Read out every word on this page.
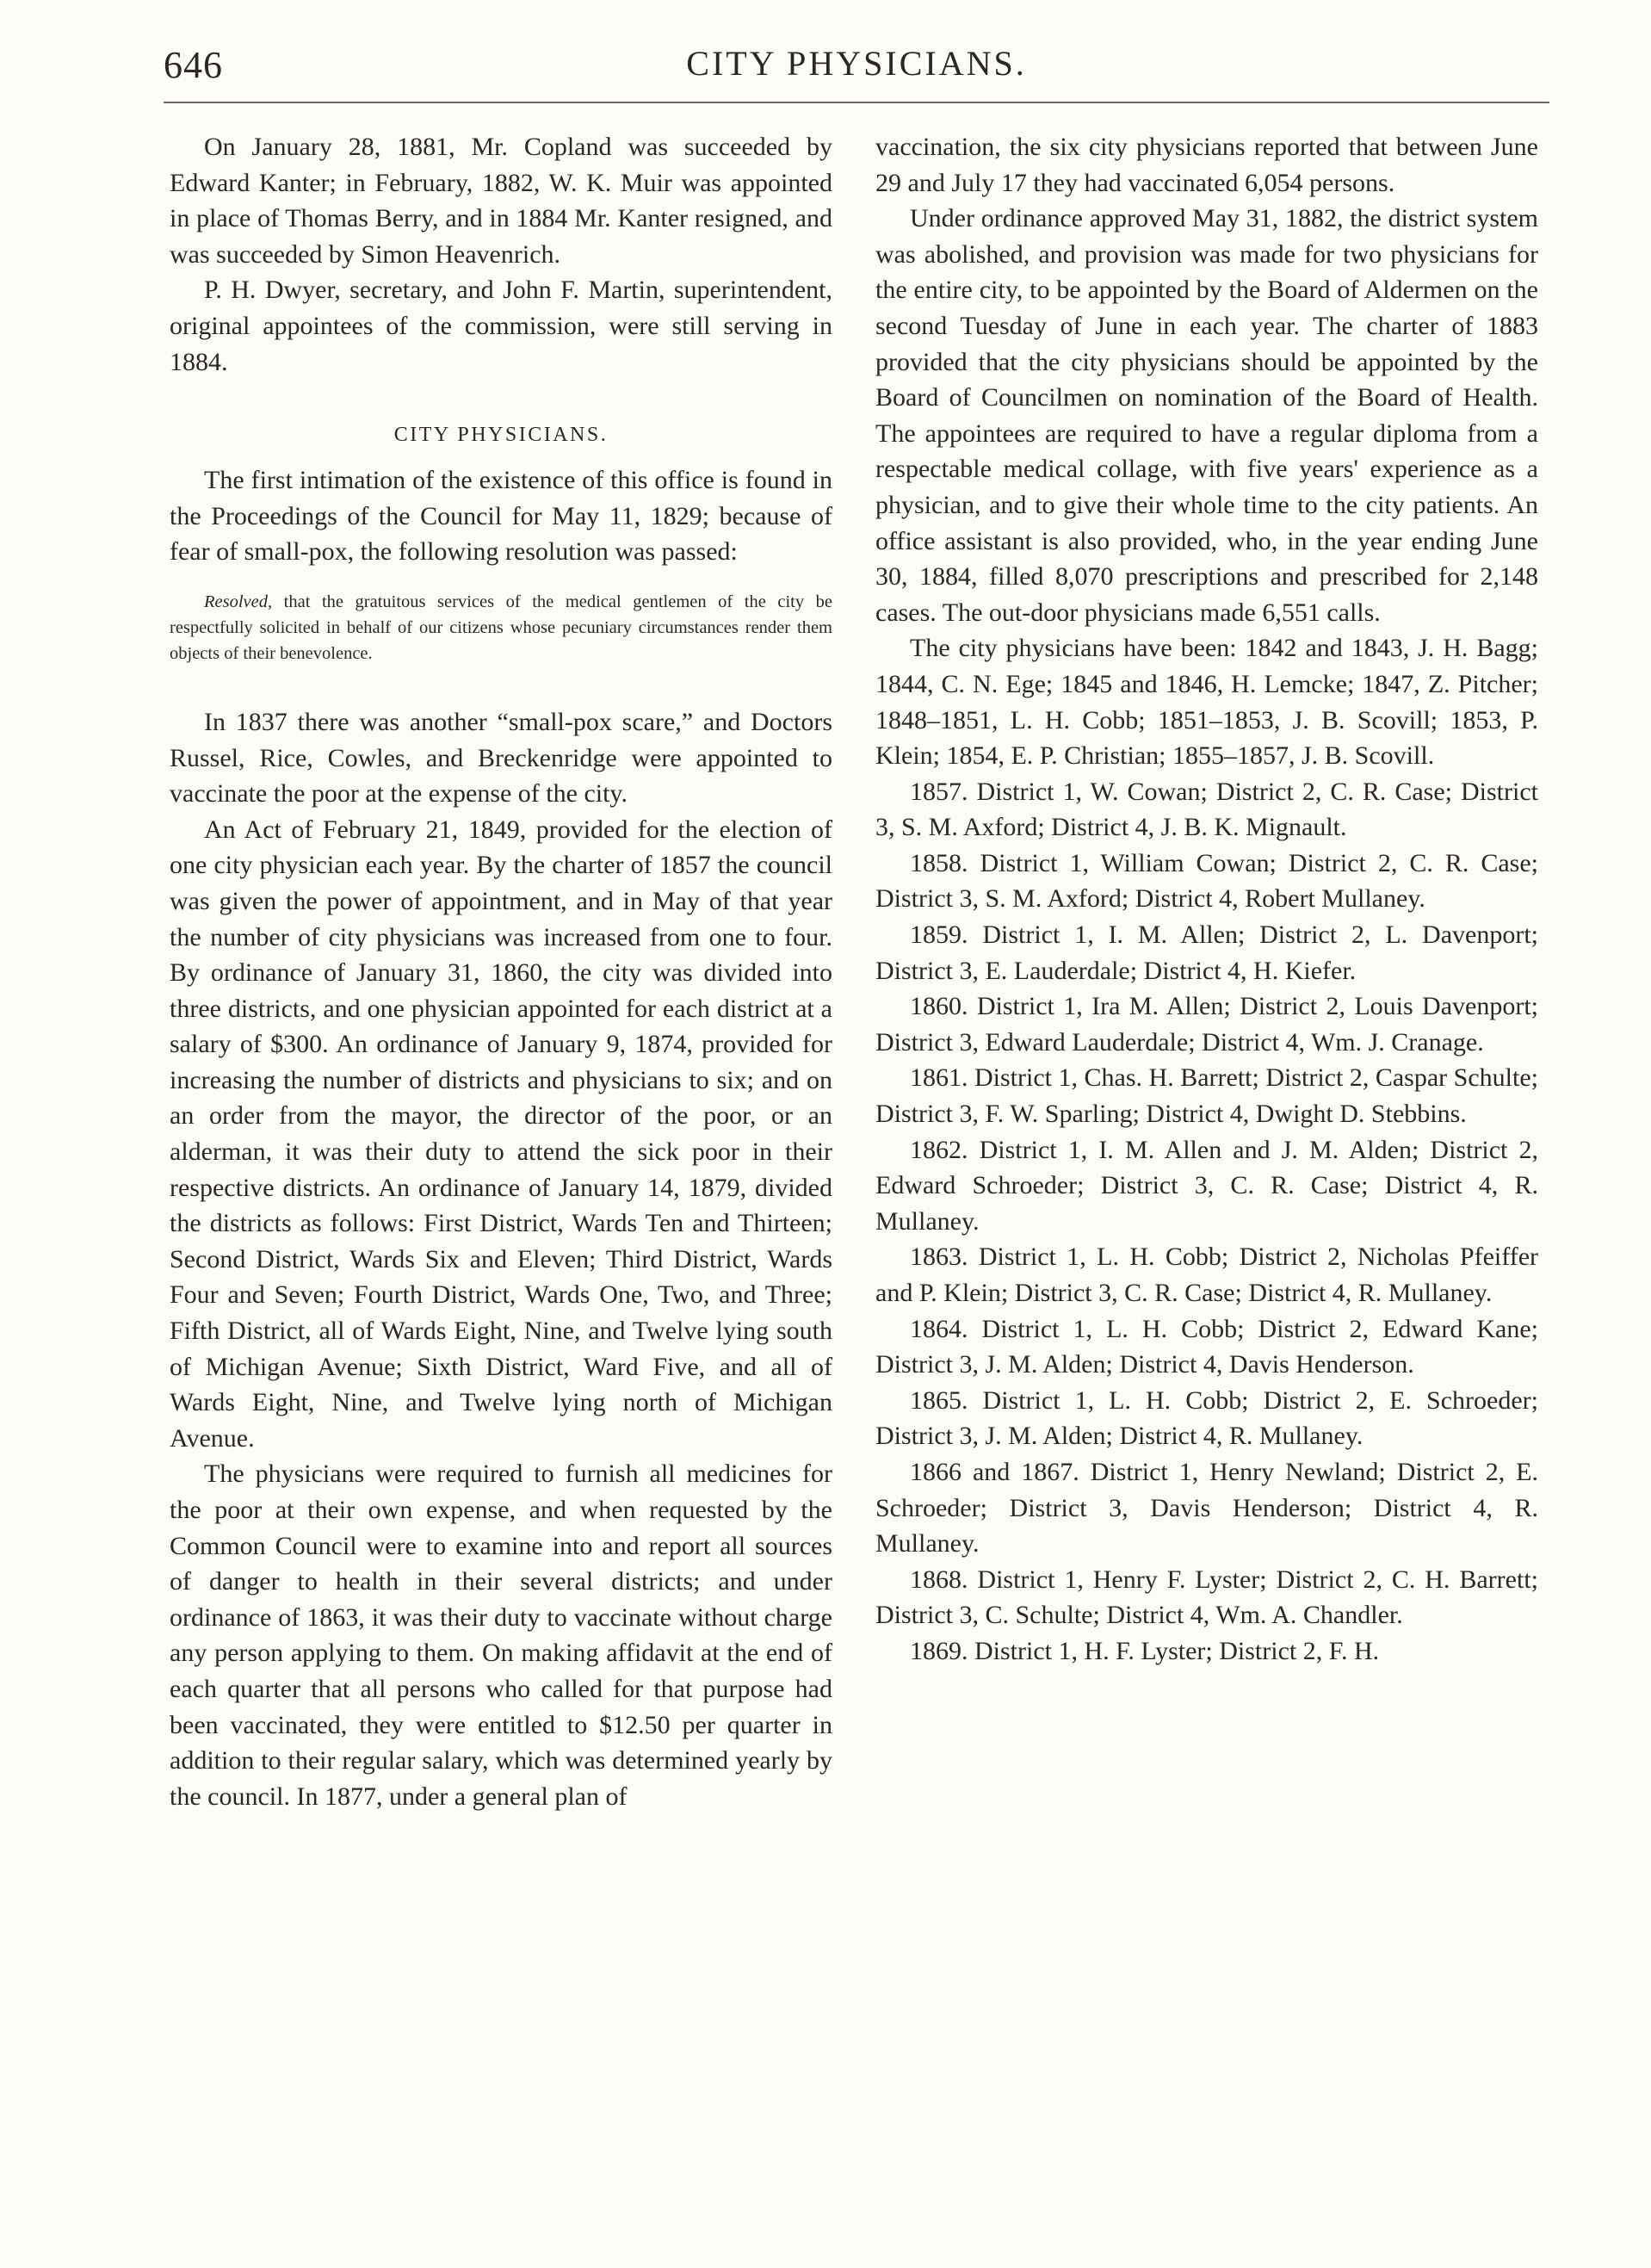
646	CITY PHYSICIANS.

On January 28, 1881, Mr. Copland was succeeded by Edward Kanter; in February, 1882, W. K. Muir was appointed in place of Thomas Berry, and in 1884 Mr. Kanter resigned, and was succeeded by Simon Heavenrich.

P. H. Dwyer, secretary, and John F. Martin, superintendent, original appointees of the commission, were still serving in 1884.

CITY PHYSICIANS.

The first intimation of the existence of this office is found in the Proceedings of the Council for May 11, 1829; because of fear of small-pox, the following resolution was passed:

Resolved, that the gratuitous services of the medical gentlemen of the city be respectfully solicited in behalf of our citizens whose pecuniary circumstances render them objects of their benevolence.

In 1837 there was another “small-pox scare,” and Doctors Russel, Rice, Cowles, and Breckenridge were appointed to vaccinate the poor at the expense of the city.

An Act of February 21, 1849, provided for the election of one city physician each year. By the charter of 1857 the council was given the power of appointment, and in May of that year the number of city physicians was increased from one to four. By ordinance of January 31, 1860, the city was divided into three districts, and one physician appointed for each district at a salary of $300. An ordinance of January 9, 1874, provided for increasing the number of districts and physicians to six; and on an order from the mayor, the director of the poor, or an alderman, it was their duty to attend the sick poor in their respective districts. An ordinance of January 14, 1879, divided the districts as follows: First District, Wards Ten and Thirteen; Second District, Wards Six and Eleven; Third District, Wards Four and Seven; Fourth District, Wards One, Two, and Three; Fifth District, all of Wards Eight, Nine, and Twelve lying south of Michigan Avenue; Sixth District, Ward Five, and all of Wards Eight, Nine, and Twelve lying north of Michigan Avenue.

The physicians were required to furnish all medicines for the poor at their own expense, and when requested by the Common Council were to examine into and report all sources of danger to health in their several districts; and under ordinance of 1863, it was their duty to vaccinate without charge any person applying to them. On making affidavit at the end of each quarter that all persons who called for that purpose had been vaccinated, they were entitled to $12.50 per quarter in addition to their regular salary, which was determined yearly by the council. In 1877, under a general plan of

vaccination, the six city physicians reported that between June 29 and July 17 they had vaccinated 6,054 persons.

Under ordinance approved May 31, 1882, the district system was abolished, and provision was made for two physicians for the entire city, to be appointed by the Board of Aldermen on the second Tuesday of June in each year. The charter of 1883 provided that the city physicians should be appointed by the Board of Councilmen on nomination of the Board of Health. The appointees are required to have a regular diploma from a respectable medical collage, with five years' experience as a physician, and to give their whole time to the city patients. An office assistant is also provided, who, in the year ending June 30, 1884, filled 8,070 prescriptions and prescribed for 2,148 cases. The out-door physicians made 6,551 calls.

The city physicians have been: 1842 and 1843, J. H. Bagg; 1844, C. N. Ege; 1845 and 1846, H. Lemcke; 1847, Z. Pitcher; 1848–1851, L. H. Cobb; 1851–1853, J. B. Scovill; 1853, P. Klein; 1854, E. P. Christian; 1855–1857, J. B. Scovill.

1857. District 1, W. Cowan; District 2, C. R. Case; District 3, S. M. Axford; District 4, J. B. K. Mignault.

1858. District 1, William Cowan; District 2, C. R. Case; District 3, S. M. Axford; District 4, Robert Mullaney.

1859. District 1, I. M. Allen; District 2, L. Davenport; District 3, E. Lauderdale; District 4, H. Kiefer.

1860. District 1, Ira M. Allen; District 2, Louis Davenport; District 3, Edward Lauderdale; District 4, Wm. J. Cranage.

1861. District 1, Chas. H. Barrett; District 2, Caspar Schulte; District 3, F. W. Sparling; District 4, Dwight D. Stebbins.

1862. District 1, I. M. Allen and J. M. Alden; District 2, Edward Schroeder; District 3, C. R. Case; District 4, R. Mullaney.

1863. District 1, L. H. Cobb; District 2, Nicholas Pfeiffer and P. Klein; District 3, C. R. Case; District 4, R. Mullaney.

1864. District 1, L. H. Cobb; District 2, Edward Kane; District 3, J. M. Alden; District 4, Davis Henderson.

1865. District 1, L. H. Cobb; District 2, E. Schroeder; District 3, J. M. Alden; District 4, R. Mullaney.

1866 and 1867. District 1, Henry Newland; District 2, E. Schroeder; District 3, Davis Henderson; District 4, R. Mullaney.

1868. District 1, Henry F. Lyster; District 2, C. H. Barrett; District 3, C. Schulte; District 4, Wm. A. Chandler.

1869. District 1, H. F. Lyster; District 2, F. H.
